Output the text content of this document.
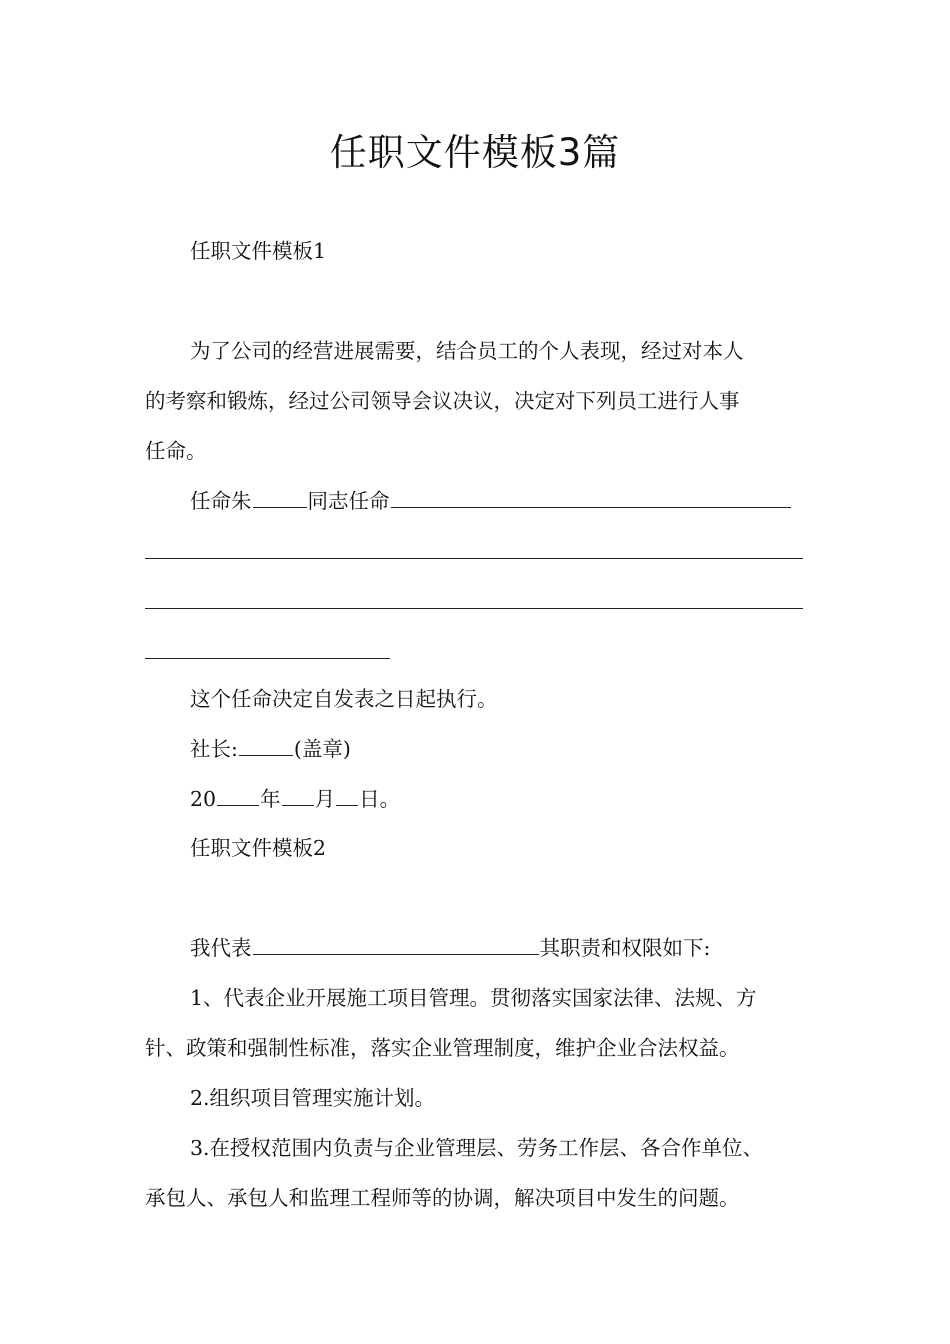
任职文件模板3篇

任职文件模板1

为了公司的经营进展需要，结合员工的个人表现，经过对本人

的考察和锻炼，经过公司领导会议决议，决定对下列员工进行人事

任命。

任命朱	同志任命

这个任命决定自发表之日起执行。

社长:	(盖章)

20 年 月 日。

任职文件模板2

我代表	其职责和权限如下:

1、代表企业开展施工项目管理。贯彻落实国家法律、法规、方

针、政策和强制性标准，落实企业管理制度，维护企业合法权益。

2.组织项目管理实施计划。

3.在授权范围内负责与企业管理层、劳务工作层、各合作单位、

承包人、承包人和监理工程师等的协调，解决项目中发生的问题。
